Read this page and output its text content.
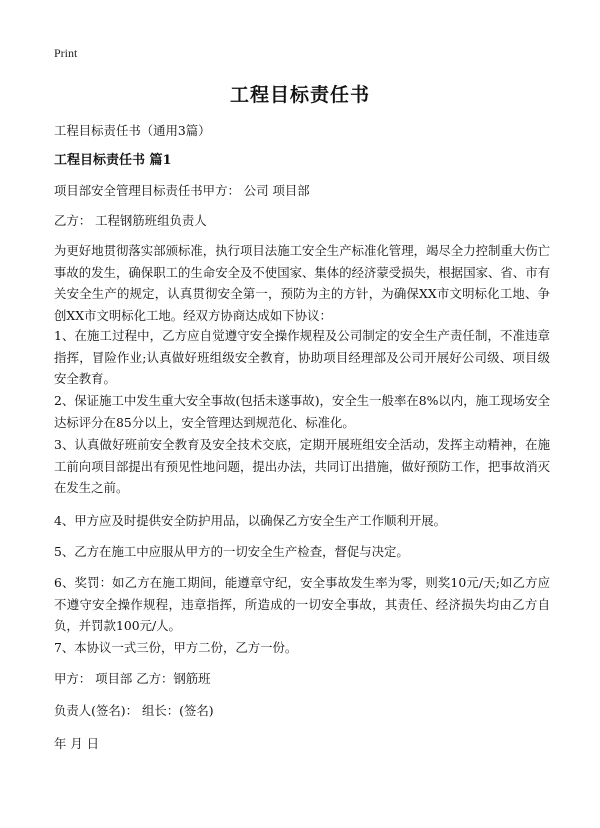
Print
工程目标责任书

工程目标责任书（通用3篇）

工程目标责任书 篇1

项目部安全管理目标责任书甲方： 公司 项目部

乙方： 工程钢筋班组负责人

为更好地贯彻落实部颁标准，执行项目法施工安全生产标准化管理，竭尽全力控制重大伤亡事故的发生，确保职工的生命安全及不使国家、集体的经济蒙受损失，根据国家、省、市有关安全生产的规定，认真贯彻安全第一，预防为主的方针，为确保XX市文明标化工地、争创XX市文明标化工地。经双方协商达成如下协议：

1、在施工过程中，乙方应自觉遵守安全操作规程及公司制定的安全生产责任制，不准违章指挥，冒险作业;认真做好班组级安全教育，协助项目经理部及公司开展好公司级、项目级安全教育。

2、保证施工中发生重大安全事故(包括未遂事故)，安全生一般率在8%以内，施工现场安全达标评分在85分以上，安全管理达到规范化、标准化。

3、认真做好班前安全教育及安全技术交底，定期开展班组安全活动，发挥主动精神，在施工前向项目部提出有预见性地问题，提出办法，共同订出措施，做好预防工作，把事故消灭在发生之前。

4、甲方应及时提供安全防护用品，以确保乙方安全生产工作顺利开展。

5、乙方在施工中应服从甲方的一切安全生产检查，督促与决定。

6、奖罚：如乙方在施工期间，能遵章守纪，安全事故发生率为零，则奖10元/天;如乙方应不遵守安全操作规程，违章指挥，所造成的一切安全事故，其责任、经济损失均由乙方自负，并罚款100元/人。

7、本协议一式三份，甲方二份，乙方一份。

甲方： 项目部 乙方：钢筋班

负责人(签名)： 组长：(签名)

年 月 日
